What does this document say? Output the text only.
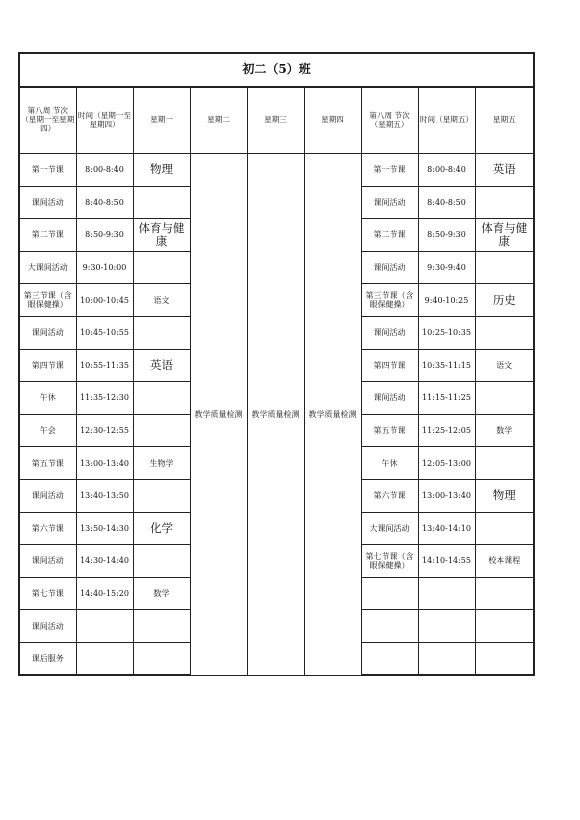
初二（5）班								
第八周 节次（星期一至星期四）	时间（星期一至星期四）	星期一	星期二	星期三	星期四	第八周 节次（星期五）	时间（星期五）	星期五
第一节课	8:00-8:40	物理	教学质量检测	教学质量检测	教学质量检测	第一节课	8:00-8:40	英语
课间活动	8:40-8:50					课间活动	8:40-8:50	
第二节课	8:50-9:30	体育与健康				第二节课	8:50-9:30	体育与健康
大课间活动	9:30-10:00					课间活动	9:30-9:40	
第三节课（含眼保健操）	10:00-10:45	语文				第三节课（含眼保健操）	9:40-10:25	历史
课间活动	10:45-10:55					课间活动	10:25-10:35	
第四节课	10:55-11:35	英语				第四节课	10:35-11:15	语文
午休	11:35-12:30					课间活动	11:15-11:25	
午会	12:30-12:55					第五节课	11:25-12:05	数学
第五节课	13:00-13:40	生物学				午休	12:05-13:00	
课间活动	13:40-13:50					第六节课	13:00-13:40	物理
第六节课	13:50-14:30	化学				大课间活动	13:40-14:10	
课间活动	14:30-14:40					第七节课（含眼保健操）	14:10-14:55	校本课程
第七节课	14:40-15:20	数学						
课间活动								
课后服务								
